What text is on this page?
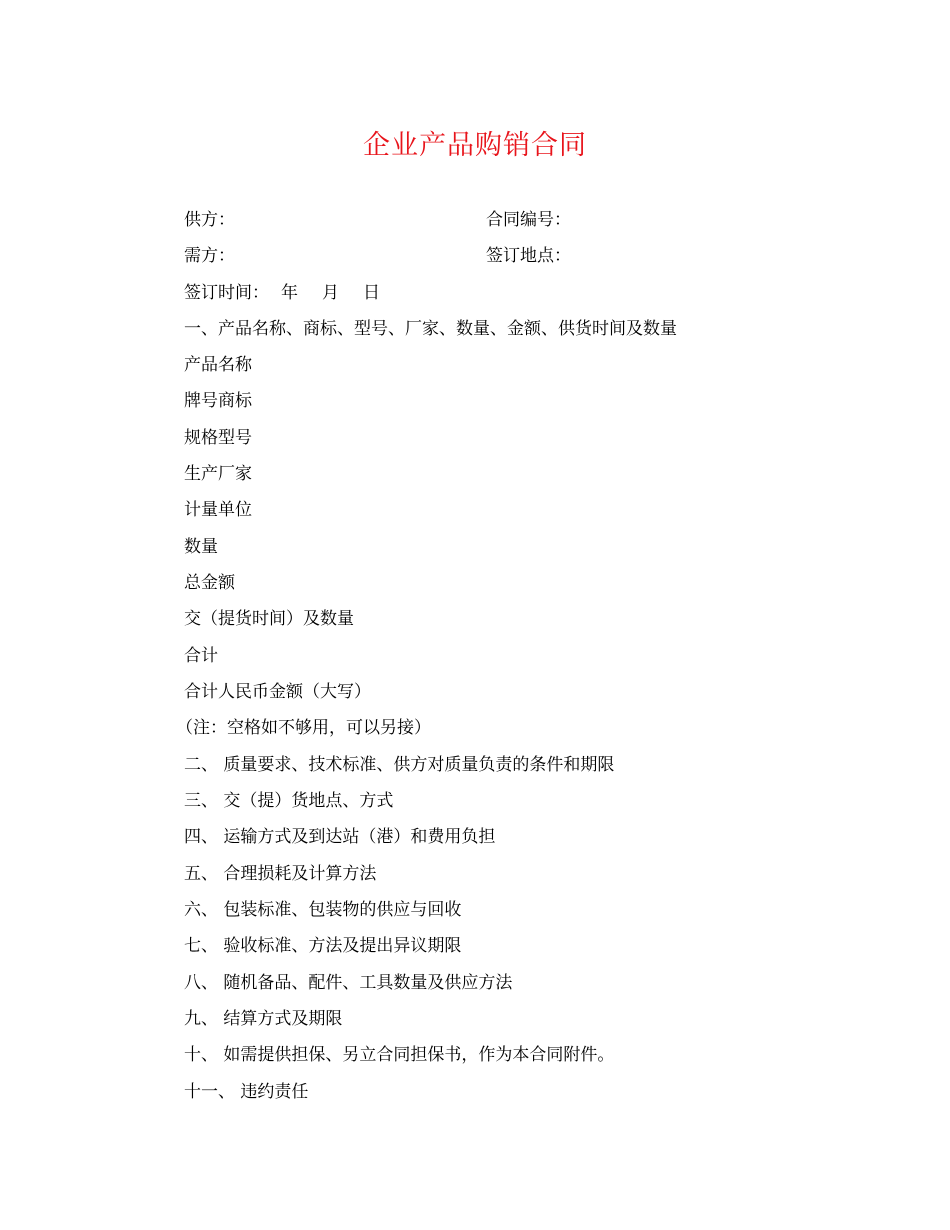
企业产品购销合同
供方：	合同编号：
需方：	签订地点：
签订时间： 年 月 日
一、产品名称、商标、型号、厂家、数量、金额、供货时间及数量
产品名称
牌号商标
规格型号
生产厂家
计量单位
数量
总金额
交（提货时间）及数量
合计
合计人民币金额（大写）
（注：空格如不够用，可以另接）
二、 质量要求、技术标准、供方对质量负责的条件和期限
三、 交（提）货地点、方式
四、 运输方式及到达站（港）和费用负担
五、 合理损耗及计算方法
六、 包装标准、包装物的供应与回收
七、 验收标准、方法及提出异议期限
八、 随机备品、配件、工具数量及供应方法
九、 结算方式及期限
十、 如需提供担保、另立合同担保书，作为本合同附件。
十一、 违约责任
